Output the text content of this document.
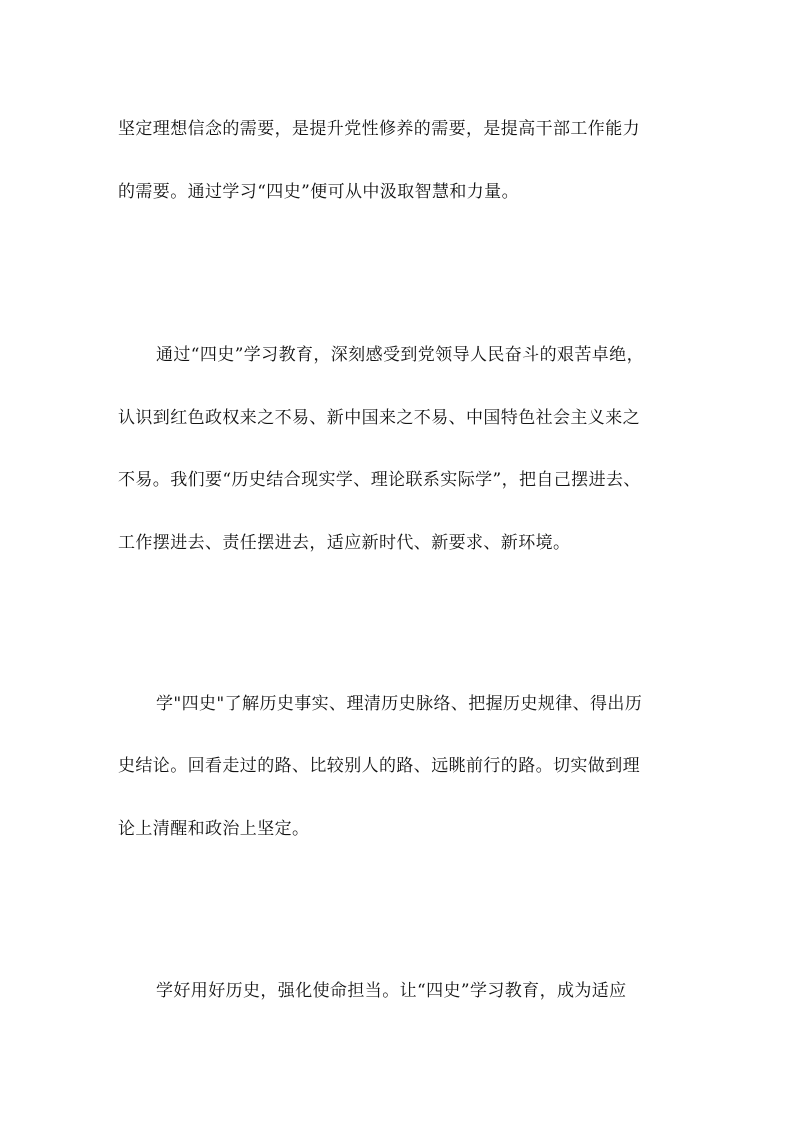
坚定理想信念的需要，是提升党性修养的需要，是提高干部工作能力
的需要。通过学习“四史”便可从中汲取智慧和力量。
通过“四史”学习教育，深刻感受到党领导人民奋斗的艰苦卓绝，
认识到红色政权来之不易、新中国来之不易、中国特色社会主义来之
不易。我们要“历史结合现实学、理论联系实际学”，把自己摆进去、
工作摆进去、责任摆进去，适应新时代、新要求、新环境。
学"四史"了解历史事实、理清历史脉络、把握历史规律、得出历
史结论。回看走过的路、比较别人的路、远眺前行的路。切实做到理
论上清醒和政治上坚定。
学好用好历史，强化使命担当。让“四史”学习教育，成为适应
